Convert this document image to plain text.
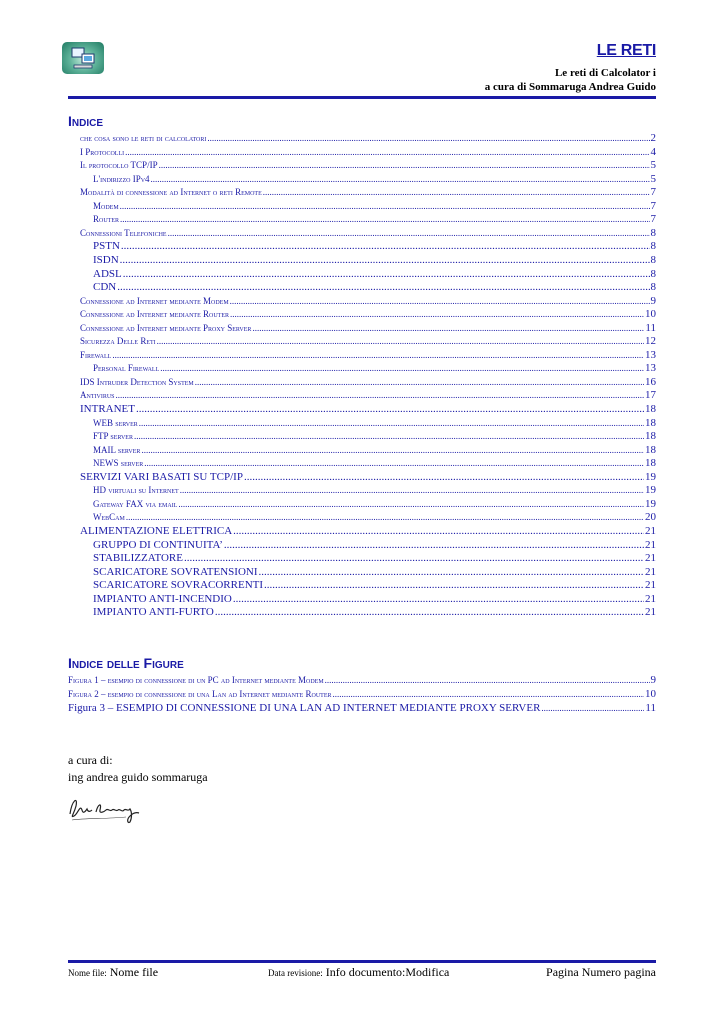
LE RETI
Le reti di Calcolator i
a cura di Sommaruga Andrea Guido
Indice
che cosa sono le reti di calcolatori .....	2
I Protocolli .....	4
Il protocollo TCP/IP .....	5
L'indirizzo IPv4 .....	5
Modalità di connessione ad Internet o reti Remote .....	7
Modem .....	7
Router .....	7
Connessioni Telefoniche .....	8
PSTN .....	8
ISDN .....	8
ADSL .....	8
CDN .....	8
Connessione ad Internet mediante Modem .....	9
Connessione ad Internet mediante Router .....	10
Connessione ad Internet mediante Proxy Server .....	11
Sicurezza Delle Reti .....	12
Firewall .....	13
Personal Firewall .....	13
IDS Intruder Detection System .....	16
Antivirus .....	17
INTRANET .....	18
WEB server .....	18
FTP server .....	18
MAIL server .....	18
NEWS server .....	18
SERVIZI VARI BASATI SU TCP/IP .....	19
HD virtuali su Internet .....	19
Gateway FAX via email .....	19
WebCam .....	20
ALIMENTAZIONE ELETTRICA .....	21
GRUPPO DI CONTINUITA’ .....	21
STABILIZZATORE .....	21
SCARICATORE SOVRATENSIONI .....	21
SCARICATORE SOVRACORRENTI .....	21
IMPIANTO ANTI-INCENDIO .....	21
IMPIANTO ANTI-FURTO .....	21
Indice delle Figure
Figura 1 – esempio di connessione di un PC ad Internet mediante Modem .....	9
Figura 2 – esempio di connessione di una Lan ad Internet mediante Router .....	10
Figura 3 – ESEMPIO DI CONNESSIONE DI UNA LAN AD INTERNET MEDIANTE PROXY SERVER .....	11
a cura di:
ing andrea guido sommaruga
Nome file: Nome file	Data revisione: Info documento:Modifica	Pagina Numero pagina
